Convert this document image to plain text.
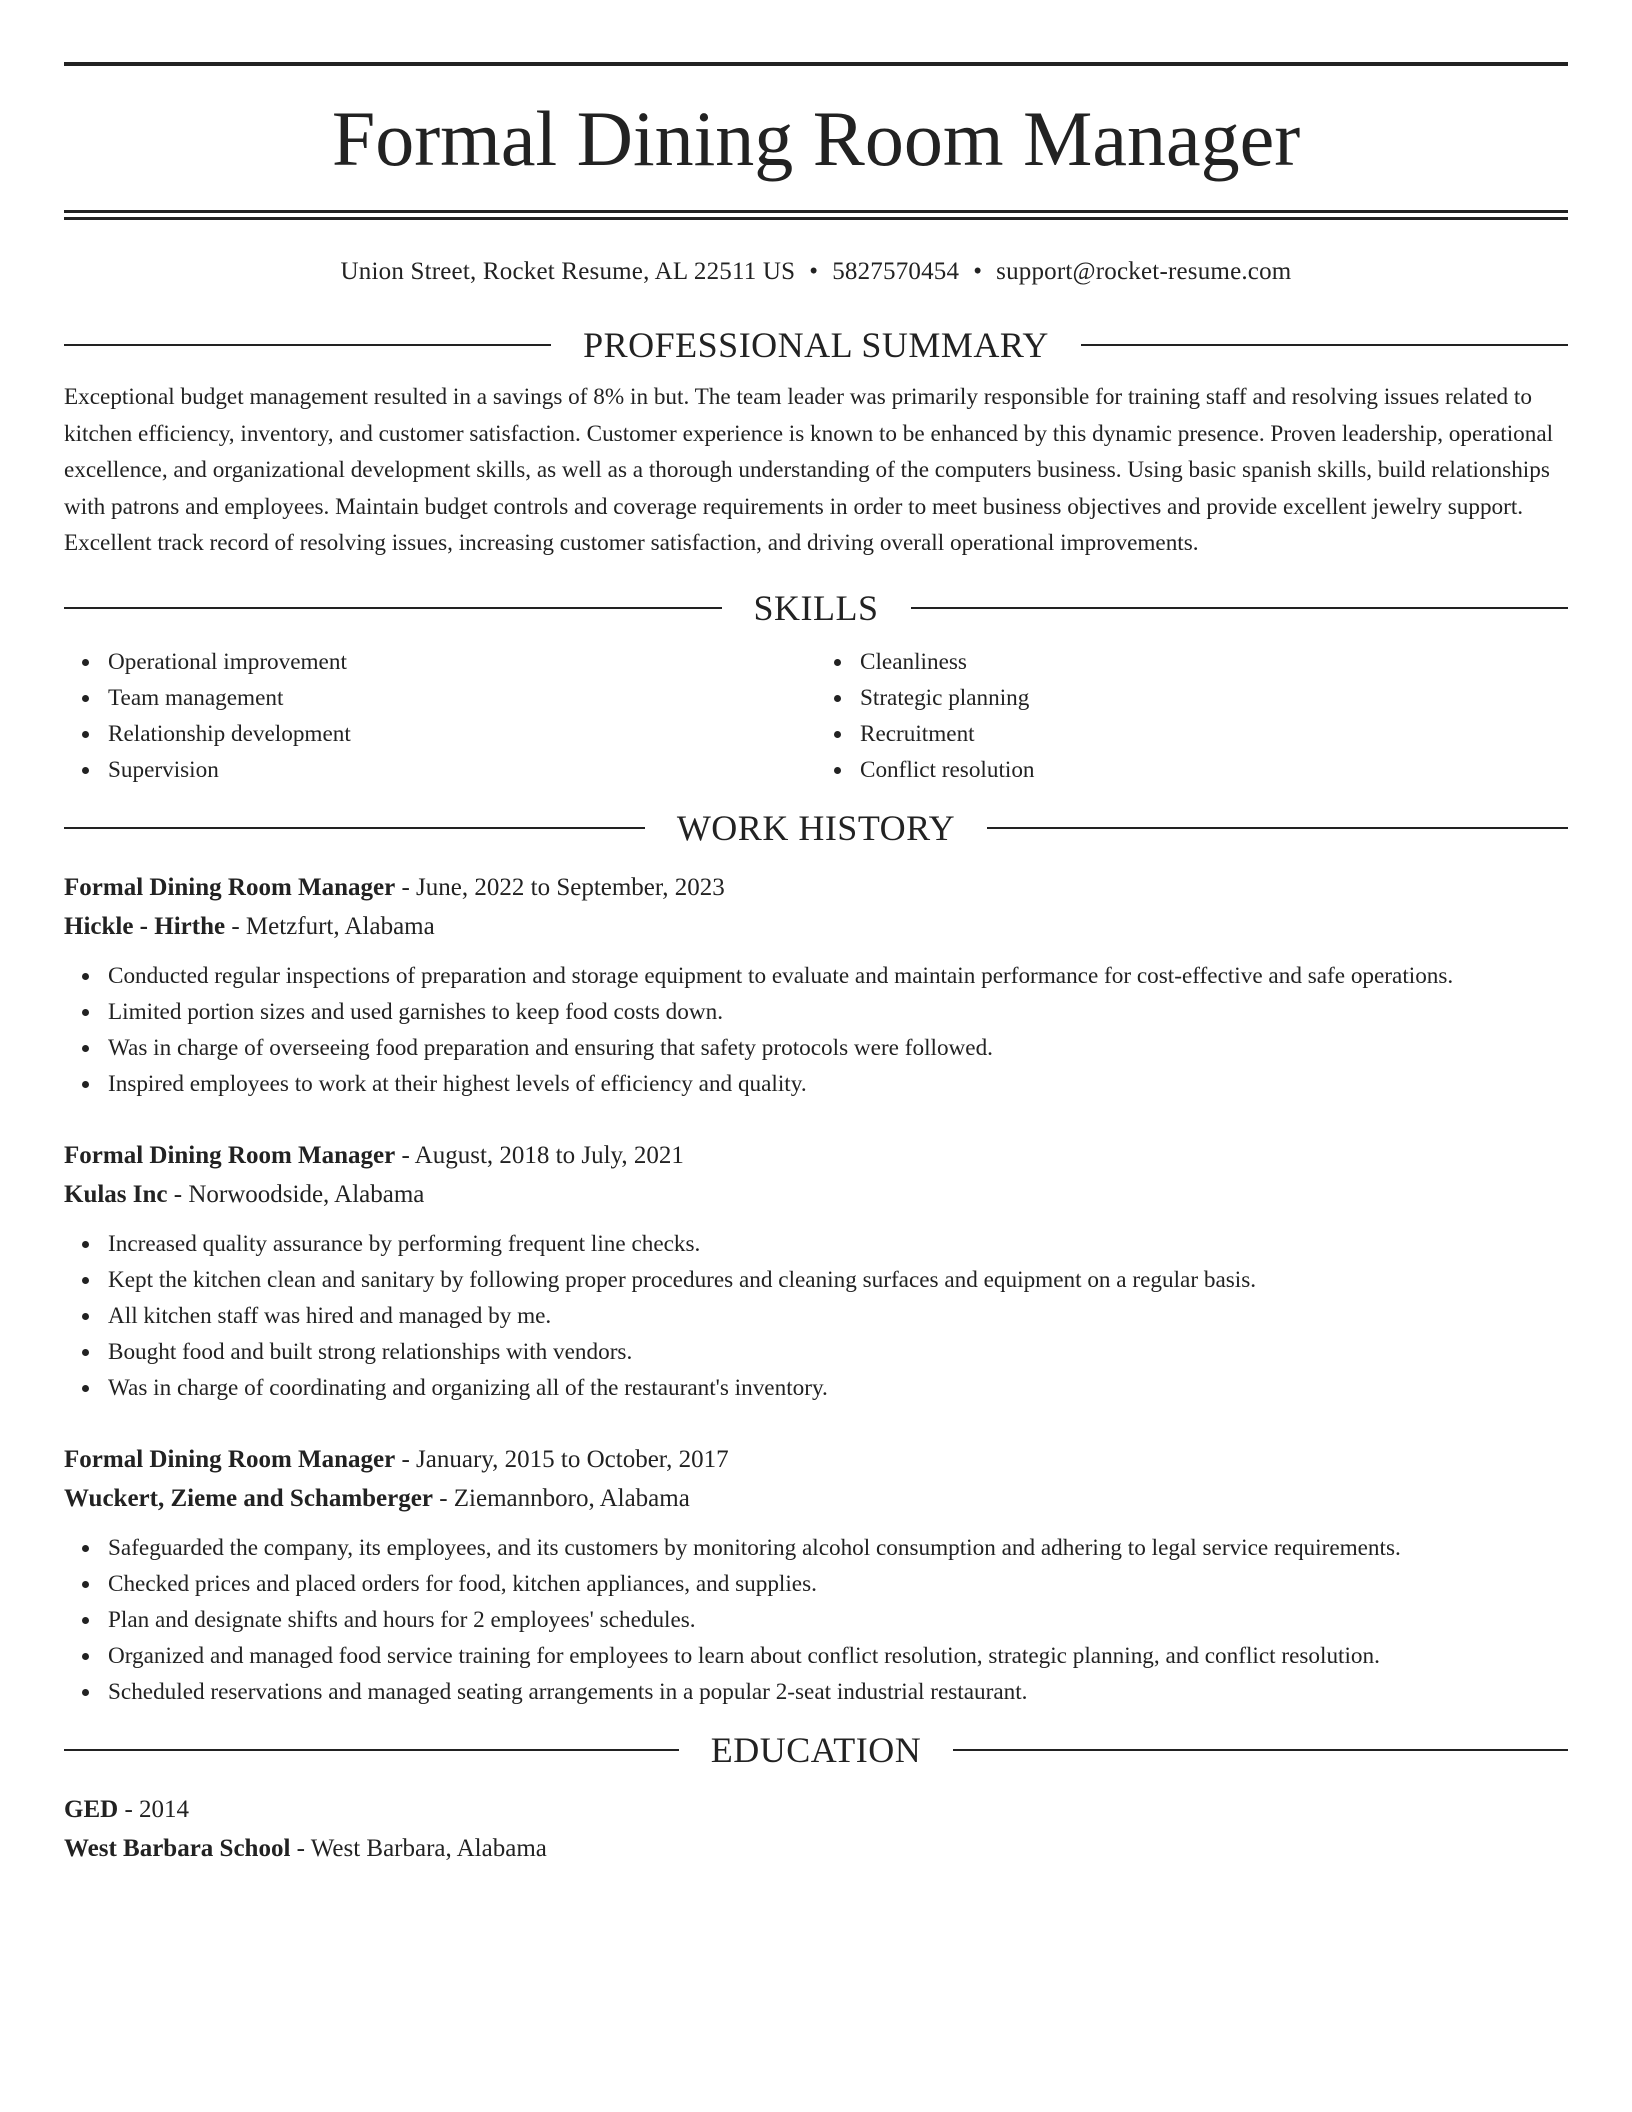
Formal Dining Room Manager
Union Street, Rocket Resume, AL 22511 US • 5827570454 • support@rocket-resume.com
PROFESSIONAL SUMMARY

Exceptional budget management resulted in a savings of 8% in but. The team leader was primarily responsible for training staff and resolving issues related to kitchen efficiency, inventory, and customer satisfaction. Customer experience is known to be enhanced by this dynamic presence. Proven leadership, operational excellence, and organizational development skills, as well as a thorough understanding of the computers business. Using basic spanish skills, build relationships with patrons and employees. Maintain budget controls and coverage requirements in order to meet business objectives and provide excellent jewelry support. Excellent track record of resolving issues, increasing customer satisfaction, and driving overall operational improvements.

SKILLS
Operational improvement
Team management
Relationship development
Supervision
Cleanliness
Strategic planning
Recruitment
Conflict resolution
WORK HISTORY
Formal Dining Room Manager - June, 2022 to September, 2023
Hickle - Hirthe - Metzfurt, Alabama
Conducted regular inspections of preparation and storage equipment to evaluate and maintain performance for cost-effective and safe operations.
Limited portion sizes and used garnishes to keep food costs down.
Was in charge of overseeing food preparation and ensuring that safety protocols were followed.
Inspired employees to work at their highest levels of efficiency and quality.
Formal Dining Room Manager - August, 2018 to July, 2021
Kulas Inc - Norwoodside, Alabama
Increased quality assurance by performing frequent line checks.
Kept the kitchen clean and sanitary by following proper procedures and cleaning surfaces and equipment on a regular basis.
All kitchen staff was hired and managed by me.
Bought food and built strong relationships with vendors.
Was in charge of coordinating and organizing all of the restaurant's inventory.
Formal Dining Room Manager - January, 2015 to October, 2017
Wuckert, Zieme and Schamberger - Ziemannboro, Alabama
Safeguarded the company, its employees, and its customers by monitoring alcohol consumption and adhering to legal service requirements.
Checked prices and placed orders for food, kitchen appliances, and supplies.
Plan and designate shifts and hours for 2 employees' schedules.
Organized and managed food service training for employees to learn about conflict resolution, strategic planning, and conflict resolution.
Scheduled reservations and managed seating arrangements in a popular 2-seat industrial restaurant.
EDUCATION
GED - 2014
West Barbara School - West Barbara, Alabama
